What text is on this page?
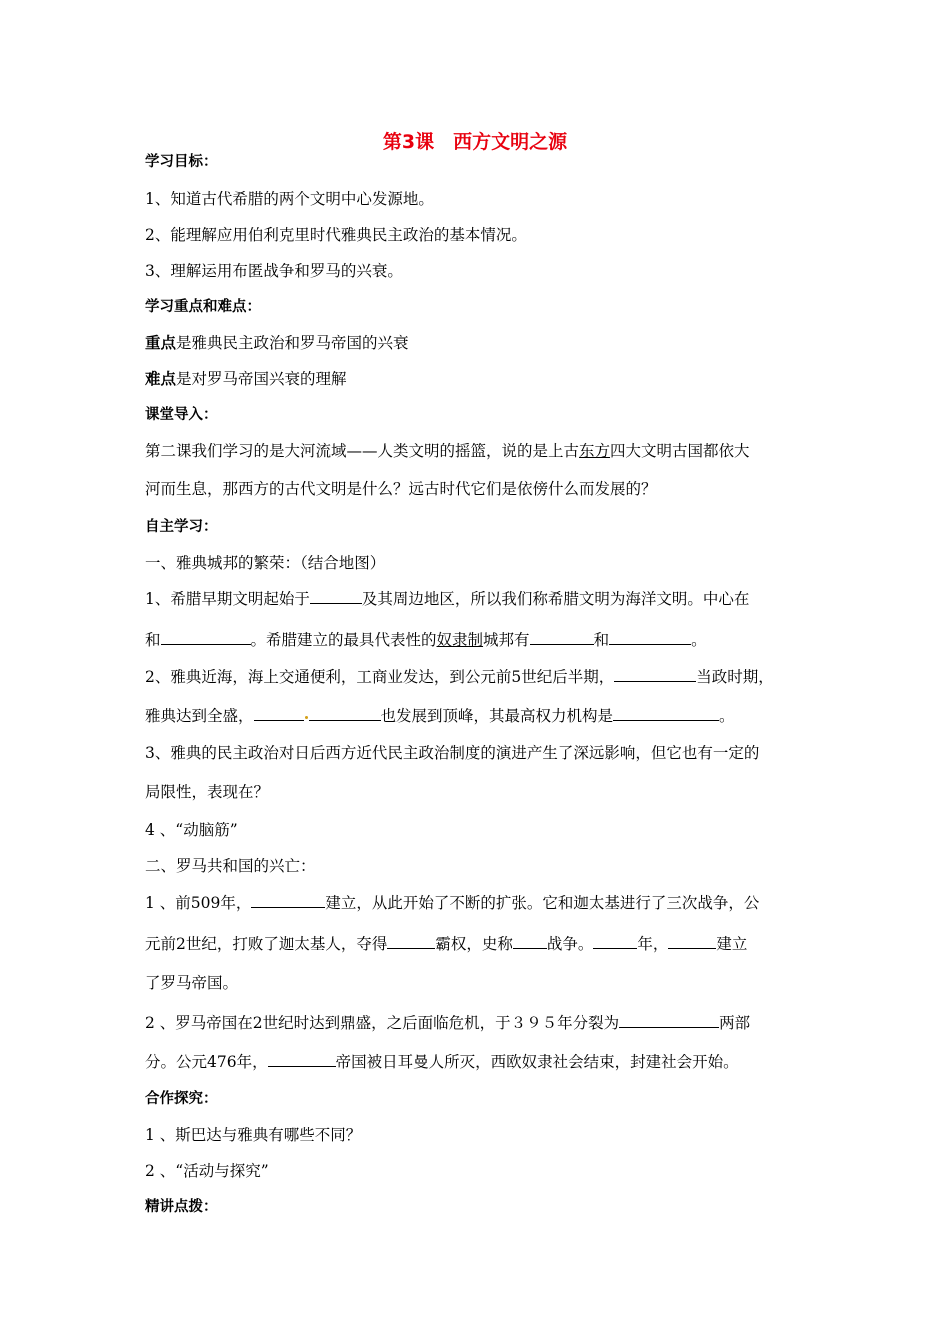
第3课　西方文明之源
学习目标：
1、知道古代希腊的两个文明中心发源地。
2、能理解应用伯利克里时代雅典民主政治的基本情况。
3、理解运用布匿战争和罗马的兴衰。
学习重点和难点：
重点是雅典民主政治和罗马帝国的兴衰
难点是对罗马帝国兴衰的理解
课堂导入：
第二课我们学习的是大河流域——人类文明的摇篮，说的是上古东方四大文明古国都依大
河而生息，那西方的古代文明是什么？远古时代它们是依傍什么而发展的？
自主学习：
一、雅典城邦的繁荣：（结合地图）
1、希腊早期文明起始于	及其周边地区，所以我们称希腊文明为海洋文明。中心在
和	。希腊建立的最具代表性的奴隶制城邦有	和	。
2、雅典近海，海上交通便利，工商业发达，到公元前5世纪后半期，	当政时期，
雅典达到全盛，	也发展到顶峰，其最高权力机构是	。
3、雅典的民主政治对日后西方近代民主政治制度的演进产生了深远影响，但它也有一定的
局限性，表现在？
4 、“动脑筋”
二、罗马共和国的兴亡：
1 、前509年，	建立，从此开始了不断的扩张。它和迦太基进行了三次战争，公
元前2世纪，打败了迦太基人，夺得	霸权，史称 战争。	年，	建立
了罗马帝国。
2 、罗马帝国在2世纪时达到鼎盛，之后面临危机，于３９５年分裂为	两部
分。公元476年，	帝国被日耳曼人所灭，西欧奴隶社会结束，封建社会开始。
合作探究：
1 、斯巴达与雅典有哪些不同？
2 、“活动与探究”
精讲点拨：
